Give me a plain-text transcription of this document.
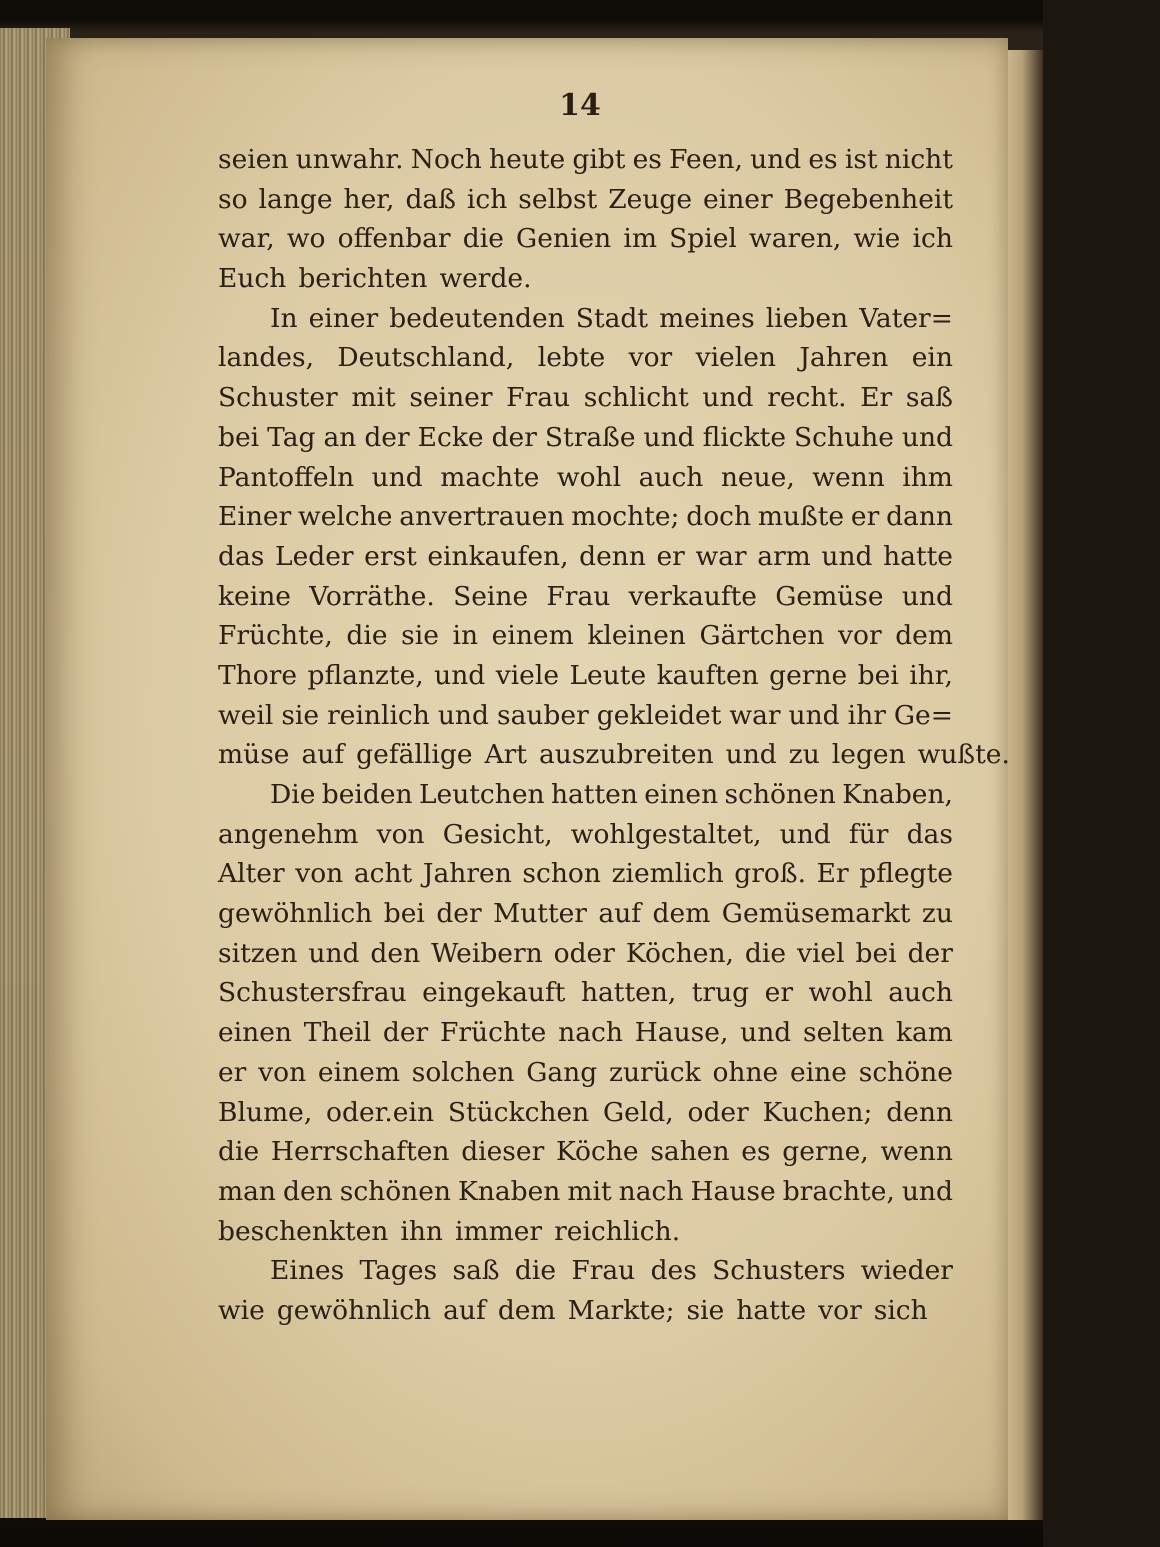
14
seien unwahr. Noch heute gibt es Feen, und es ist nicht
so lange her, daß ich selbst Zeuge einer Begebenheit
war, wo offenbar die Genien im Spiel waren, wie ich
Euch berichten werde.
In einer bedeutenden Stadt meines lieben Vater=
landes, Deutschland, lebte vor vielen Jahren ein
Schuster mit seiner Frau schlicht und recht. Er saß
bei Tag an der Ecke der Straße und flickte Schuhe und
Pantoffeln und machte wohl auch neue, wenn ihm
Einer welche anvertrauen mochte; doch mußte er dann
das Leder erst einkaufen, denn er war arm und hatte
keine Vorräthe. Seine Frau verkaufte Gemüse und
Früchte, die sie in einem kleinen Gärtchen vor dem
Thore pflanzte, und viele Leute kauften gerne bei ihr,
weil sie reinlich und sauber gekleidet war und ihr Ge=
müse auf gefällige Art auszubreiten und zu legen wußte.
Die beiden Leutchen hatten einen schönen Knaben,
angenehm von Gesicht, wohlgestaltet, und für das
Alter von acht Jahren schon ziemlich groß. Er pflegte
gewöhnlich bei der Mutter auf dem Gemüsemarkt zu
sitzen und den Weibern oder Köchen, die viel bei der
Schustersfrau eingekauft hatten, trug er wohl auch
einen Theil der Früchte nach Hause, und selten kam
er von einem solchen Gang zurück ohne eine schöne
Blume, oder.ein Stückchen Geld, oder Kuchen; denn
die Herrschaften dieser Köche sahen es gerne, wenn
man den schönen Knaben mit nach Hause brachte, und
beschenkten ihn immer reichlich.
Eines Tages saß die Frau des Schusters wieder
wie gewöhnlich auf dem Markte; sie hatte vor sich
